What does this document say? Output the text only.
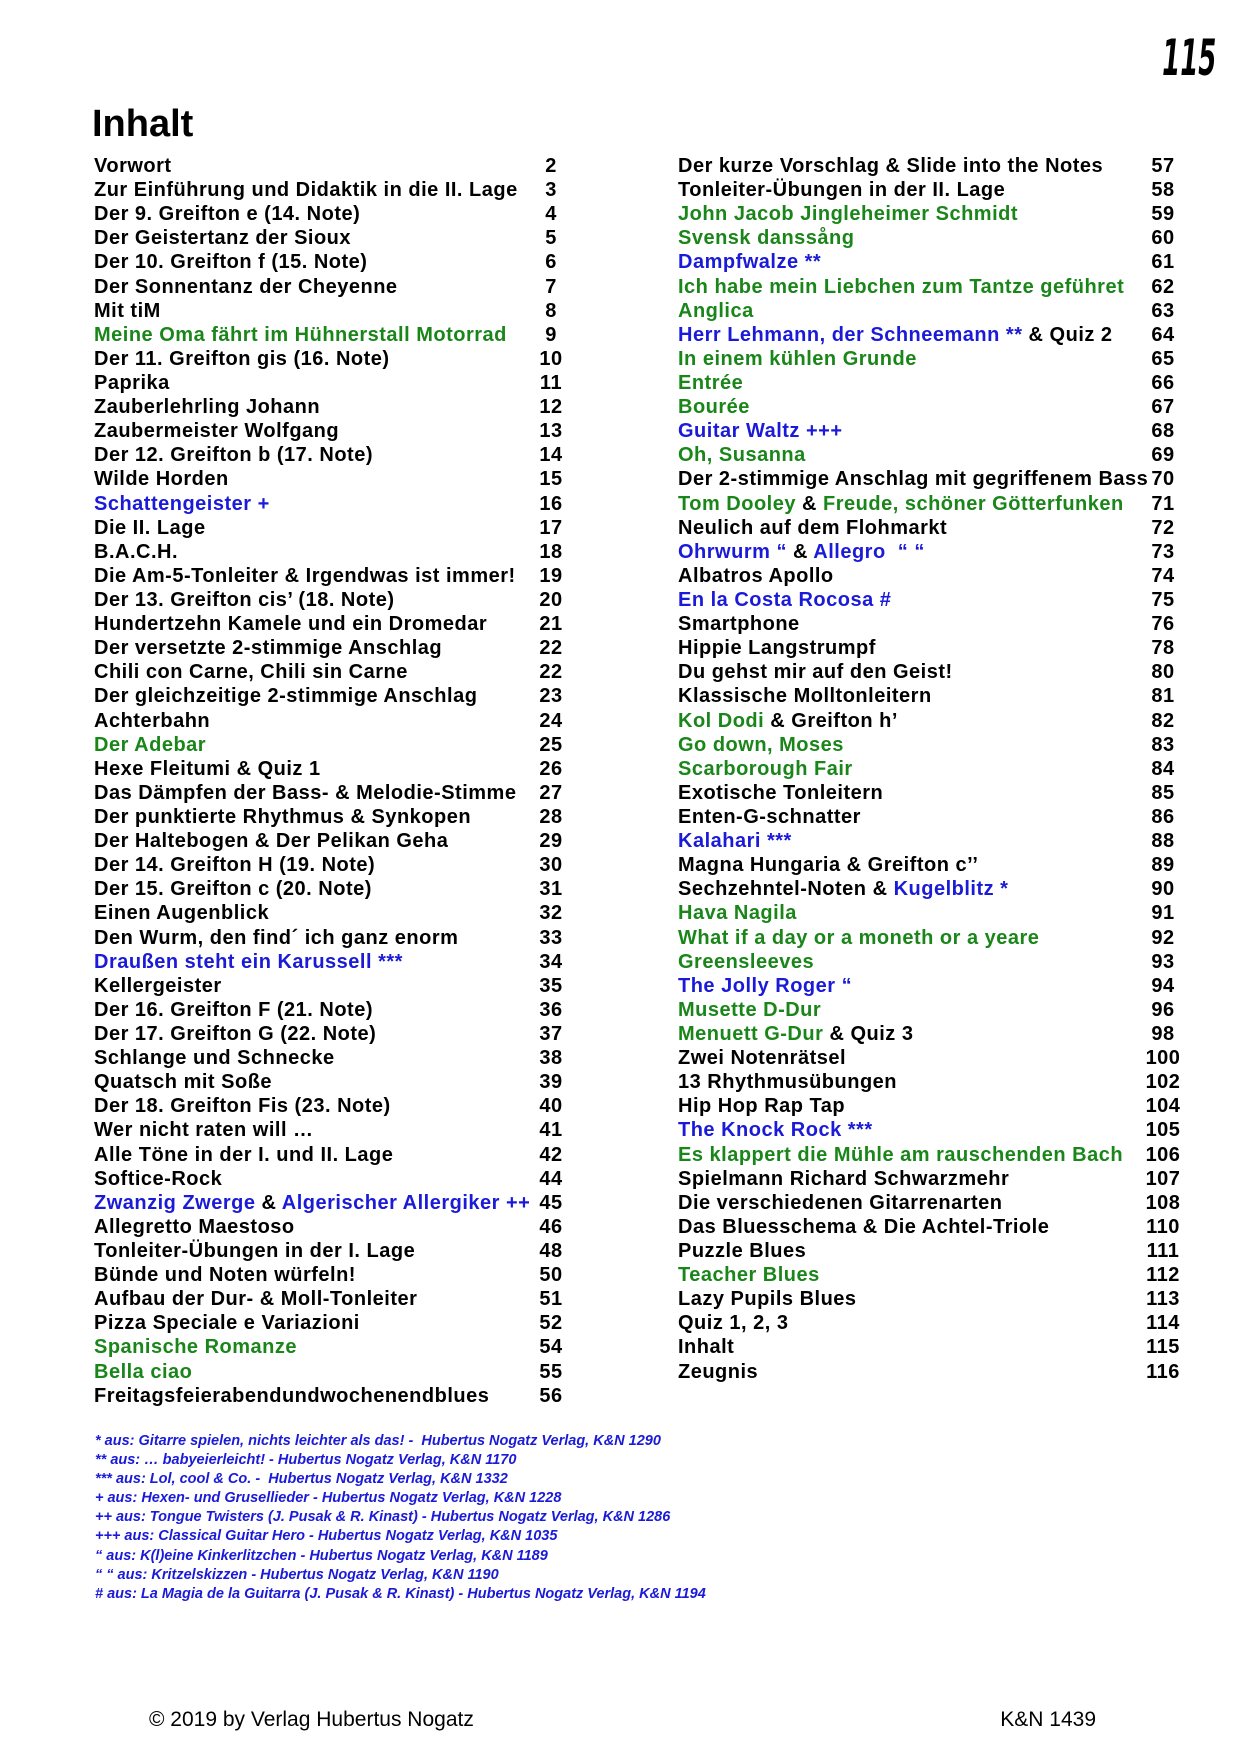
115
Inhalt
Vorwort	2
Zur Einführung und Didaktik in die II. Lage	3
Der 9. Greifton e (14. Note)	4
Der Geistertanz der Sioux	5
Der 10. Greifton f (15. Note)	6
Der Sonnentanz der Cheyenne	7
Mit tiM	8
Meine Oma fährt im Hühnerstall Motorrad	9
Der 11. Greifton gis (16. Note)	10
Paprika	11
Zauberlehrling Johann	12
Zaubermeister Wolfgang	13
Der 12. Greifton b (17. Note)	14
Wilde Horden	15
Schattengeister +	16
Die II. Lage	17
B.A.C.H.	18
Die Am-5-Tonleiter & Irgendwas ist immer!	19
Der 13. Greifton cis’ (18. Note)	20
Hundertzehn Kamele und ein Dromedar	21
Der versetzte 2-stimmige Anschlag	22
Chili con Carne, Chili sin Carne	22
Der gleichzeitige 2-stimmige Anschlag	23
Achterbahn	24
Der Adebar	25
Hexe Fleitumi & Quiz 1	26
Das Dämpfen der Bass- & Melodie-Stimme	27
Der punktierte Rhythmus & Synkopen	28
Der Haltebogen & Der Pelikan Geha	29
Der 14. Greifton H (19. Note)	30
Der 15. Greifton c (20. Note)	31
Einen Augenblick	32
Den Wurm, den find´ ich ganz enorm	33
Draußen steht ein Karussell ***	34
Kellergeister	35
Der 16. Greifton F (21. Note)	36
Der 17. Greifton G (22. Note)	37
Schlange und Schnecke	38
Quatsch mit Soße	39
Der 18. Greifton Fis (23. Note)	40
Wer nicht raten will …	41
Alle Töne in der I. und II. Lage	42
Softice-Rock	44
Zwanzig Zwerge & Algerischer Allergiker ++ 45
Allegretto Maestoso	46
Tonleiter-Übungen in der I. Lage	48
Bünde und Noten würfeln!	50
Aufbau der Dur- & Moll-Tonleiter	51
Pizza Speciale e Variazioni	52
Spanische Romanze	54
Bella ciao	55
Freitagsfeierabendundwochenendblues	56
Der kurze Vorschlag & Slide into the Notes	57
Tonleiter-Übungen in der II. Lage	58
John Jacob Jingleheimer Schmidt	59
Svensk danssång	60
Dampfwalze **	61
Ich habe mein Liebchen zum Tantze geführet	62
Anglica	63
Herr Lehmann, der Schneemann ** & Quiz 2	64
In einem kühlen Grunde	65
Entrée	66
Bourée	67
Guitar Waltz +++	68
Oh, Susanna	69
Der 2-stimmige Anschlag mit gegriffenem Bass 70
Tom Dooley & Freude, schöner Götterfunken	71
Neulich auf dem Flohmarkt	72
Ohrwurm “ & Allegro  “ “	73
Albatros Apollo	74
En la Costa Rocosa #	75
Smartphone	76
Hippie Langstrumpf	78
Du gehst mir auf den Geist!	80
Klassische Molltonleitern	81
Kol Dodi & Greifton h’	82
Go down, Moses	83
Scarborough Fair	84
Exotische Tonleitern	85
Enten-G-schnatter	86
Kalahari ***	88
Magna Hungaria & Greifton c’’	89
Sechzehntel-Noten & Kugelblitz *	90
Hava Nagila	91
What if a day or a moneth or a yeare	92
Greensleeves	93
The Jolly Roger “	94
Musette D-Dur	96
Menuett G-Dur & Quiz 3	98
Zwei Notenrätsel	100
13 Rhythmusübungen	102
Hip Hop Rap Tap	104
The Knock Rock ***	105
Es klappert die Mühle am rauschenden Bach 106
Spielmann Richard Schwarzmehr	107
Die verschiedenen Gitarrenarten	108
Das Bluesschema & Die Achtel-Triole	110
Puzzle Blues	111
Teacher Blues	112
Lazy Pupils Blues	113
Quiz 1, 2, 3	114
Inhalt	115
Zeugnis	116
* aus: Gitarre spielen, nichts leichter als das! -  Hubertus Nogatz Verlag, K&N 1290
** aus: … babyeierleicht! - Hubertus Nogatz Verlag, K&N 1170
*** aus: Lol, cool & Co. -  Hubertus Nogatz Verlag, K&N 1332
+ aus: Hexen- und Grusellieder - Hubertus Nogatz Verlag, K&N 1228
++ aus: Tongue Twisters (J. Pusak & R. Kinast) - Hubertus Nogatz Verlag, K&N 1286
+++ aus: Classical Guitar Hero - Hubertus Nogatz Verlag, K&N 1035
“ aus: K(l)eine Kinkerlitzchen - Hubertus Nogatz Verlag, K&N 1189
“ “ aus: Kritzelskizzen - Hubertus Nogatz Verlag, K&N 1190
# aus: La Magia de la Guitarra (J. Pusak & R. Kinast) - Hubertus Nogatz Verlag, K&N 1194
© 2019 by Verlag Hubertus Nogatz	K&N 1439
